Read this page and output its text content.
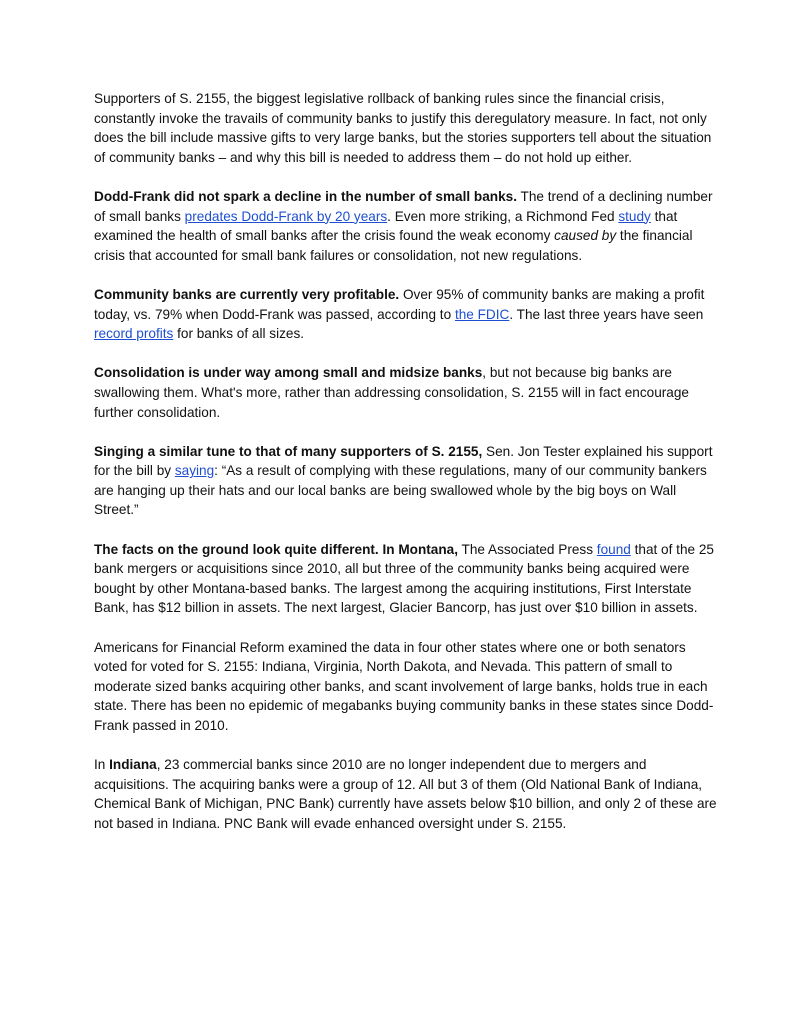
Supporters of S. 2155, the biggest legislative rollback of banking rules since the financial crisis, constantly invoke the travails of community banks to justify this deregulatory measure. In fact, not only does the bill include massive gifts to very large banks, but the stories supporters tell about the situation of community banks – and why this bill is needed to address them – do not hold up either.

Dodd-Frank did not spark a decline in the number of small banks. The trend of a declining number of small banks predates Dodd-Frank by 20 years. Even more striking, a Richmond Fed study that examined the health of small banks after the crisis found the weak economy caused by the financial crisis that accounted for small bank failures or consolidation, not new regulations.

Community banks are currently very profitable. Over 95% of community banks are making a profit today, vs. 79% when Dodd-Frank was passed, according to the FDIC. The last three years have seen record profits for banks of all sizes.

Consolidation is under way among small and midsize banks, but not because big banks are swallowing them. What's more, rather than addressing consolidation, S. 2155 will in fact encourage further consolidation.

Singing a similar tune to that of many supporters of S. 2155, Sen. Jon Tester explained his support for the bill by saying: “As a result of complying with these regulations, many of our community bankers are hanging up their hats and our local banks are being swallowed whole by the big boys on Wall Street.”

The facts on the ground look quite different. In Montana, The Associated Press found that of the 25 bank mergers or acquisitions since 2010, all but three of the community banks being acquired were bought by other Montana-based banks. The largest among the acquiring institutions, First Interstate Bank, has $12 billion in assets. The next largest, Glacier Bancorp, has just over $10 billion in assets.

Americans for Financial Reform examined the data in four other states where one or both senators voted for voted for S. 2155: Indiana, Virginia, North Dakota, and Nevada. This pattern of small to moderate sized banks acquiring other banks, and scant involvement of large banks, holds true in each state. There has been no epidemic of megabanks buying community banks in these states since Dodd-Frank passed in 2010.

In Indiana, 23 commercial banks since 2010 are no longer independent due to mergers and acquisitions. The acquiring banks were a group of 12. All but 3 of them (Old National Bank of Indiana, Chemical Bank of Michigan, PNC Bank) currently have assets below $10 billion, and only 2 of these are not based in Indiana. PNC Bank will evade enhanced oversight under S. 2155.
